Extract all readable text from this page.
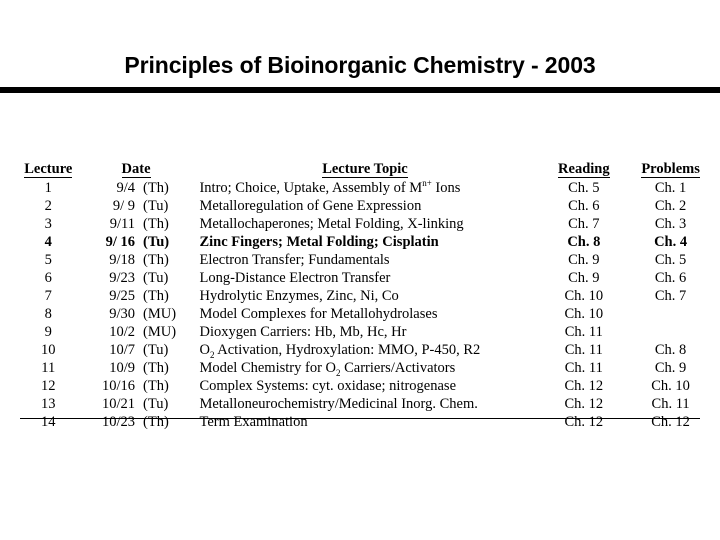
Principles of Bioinorganic Chemistry - 2003
Lecture	Date		Lecture Topic	Reading	Problems
1	9/4	(Th)	Intro; Choice, Uptake, Assembly of $M^{n+}$ Ions	Ch. 5	Ch. 1
2	9/ 9	(Tu)	Metalloregulation of Gene Expression	Ch. 6	Ch. 2
3	9/11	(Th)	Metallochaperones; Metal Folding, X-linking	Ch. 7	Ch. 3
4	9/ 16	(Tu)	Zinc Fingers; Metal Folding; Cisplatin	Ch. 8	Ch. 4
5	9/18	(Th)	Electron Transfer; Fundamentals	Ch. 9	Ch. 5
6	9/23	(Tu)	Long-Distance Electron Transfer	Ch. 9	Ch. 6
7	9/25	(Th)	Hydrolytic Enzymes, Zinc, Ni, Co	Ch. 10	Ch. 7
8	9/30	(MU)	Model Complexes for Metallohydrolases	Ch. 10	
9	10/2	(MU)	Dioxygen Carriers: Hb, Mb, Hc, Hr	Ch. 11	
10	10/7	(Tu)	$O_2$ Activation, Hydroxylation: MMO, P-450, R2	Ch. 11	Ch. 8
11	10/9	(Th)	Model Chemistry for $O_2$ Carriers/Activators	Ch. 11	Ch. 9
12	10/16	(Th)	Complex Systems: cyt. oxidase; nitrogenase	Ch. 12	Ch. 10
13	10/21	(Tu)	Metalloneurochemistry/Medicinal Inorg. Chem.	Ch. 12	Ch. 11
14	10/23	(Th)	Term Examination	Ch. 12	Ch. 12
